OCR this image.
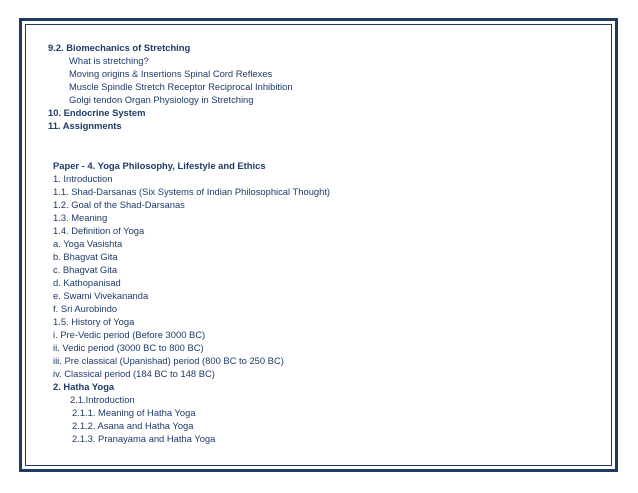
9.2. Biomechanics of Stretching
What is stretching?
Moving origins & Insertions Spinal Cord Reflexes
Muscle Spindle Stretch Receptor Reciprocal Inhibition
Golgi tendon Organ Physiology in Stretching
10. Endocrine System
11. Assignments
Paper - 4. Yoga Philosophy, Lifestyle and Ethics
1. Introduction
1.1. Shad-Darsanas (Six Systems of Indian Philosophical Thought)
1.2. Goal of the Shad-Darsanas
1.3. Meaning
1.4. Definition of Yoga
a. Yoga Vasishta
b. Bhagvat Gita
c. Bhagvat Gita
d. Kathopanisad
e. Swami Vivekananda
f. Sri Aurobindo
1.5. History of Yoga
i. Pre-Vedic period (Before 3000 BC)
ii. Vedic period (3000 BC to 800 BC)
iii. Pre classical (Upanishad) period (800 BC to 250 BC)
iv. Classical period (184 BC to 148 BC)
2. Hatha Yoga
2.1.Introduction
2.1.1. Meaning of Hatha Yoga
2.1.2. Asana and Hatha Yoga
2.1.3. Pranayama and Hatha Yoga
